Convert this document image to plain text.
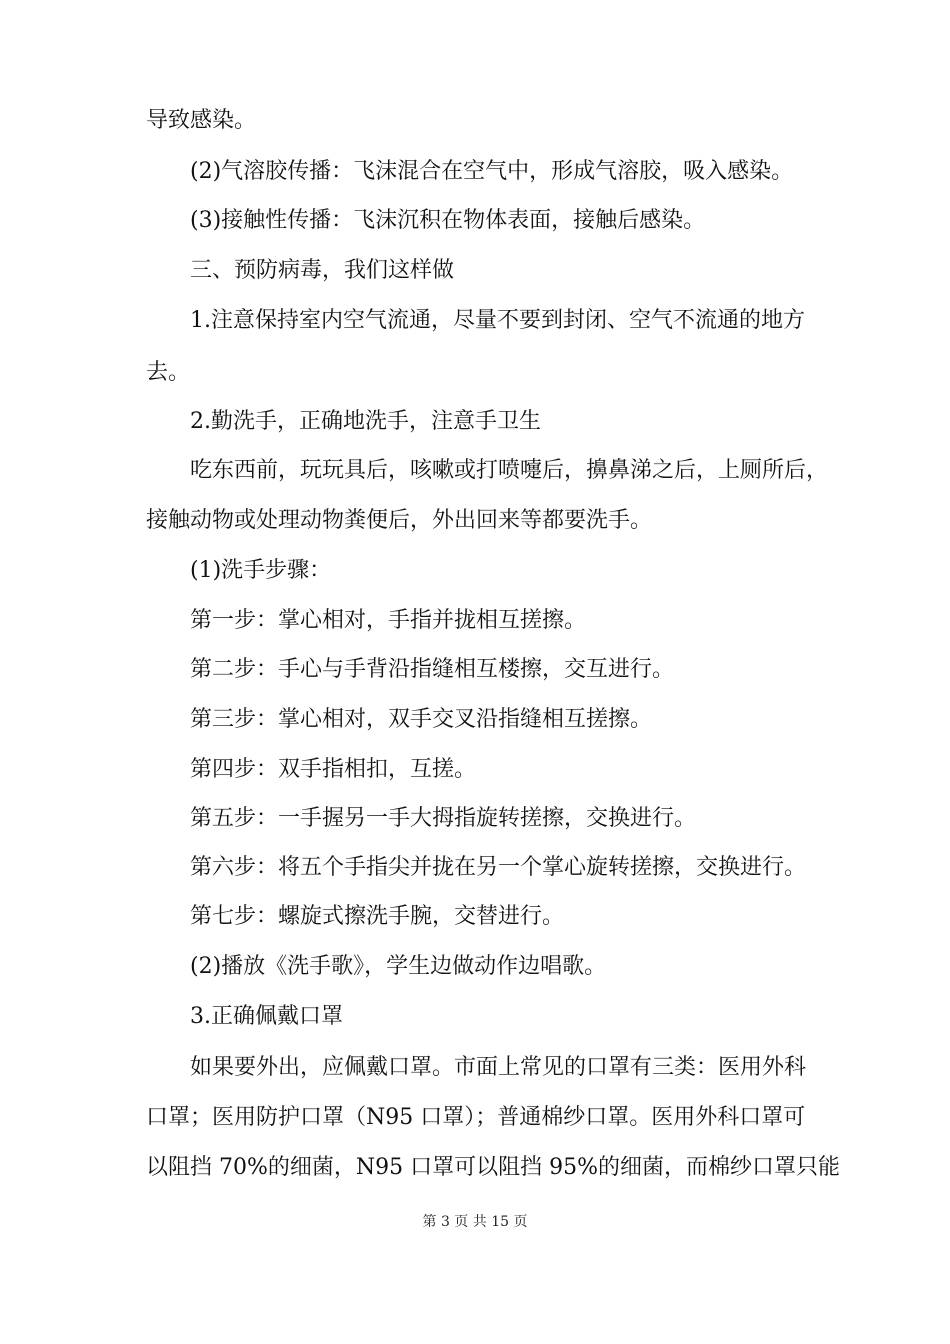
导致感染。

(2)气溶胶传播：飞沫混合在空气中，形成气溶胶，吸入感染。

(3)接触性传播：飞沫沉积在物体表面，接触后感染。

三、预防病毒，我们这样做

1.注意保持室内空气流通，尽量不要到封闭、空气不流通的地方

去。

2.勤洗手，正确地洗手，注意手卫生

吃东西前，玩玩具后，咳嗽或打喷嚏后，擤鼻涕之后，上厕所后，

接触动物或处理动物粪便后，外出回来等都要洗手。

(1)洗手步骤：

第一步：掌心相对，手指并拢相互搓擦。

第二步：手心与手背沿指缝相互楼擦，交互进行。

第三步：掌心相对，双手交叉沿指缝相互搓擦。

第四步：双手指相扣，互搓。

第五步：一手握另一手大拇指旋转搓擦，交换进行。

第六步：将五个手指尖并拢在另一个掌心旋转搓擦，交换进行。

第七步：螺旋式擦洗手腕，交替进行。

(2)播放《洗手歌》，学生边做动作边唱歌。

3.正确佩戴口罩

如果要外出，应佩戴口罩。市面上常见的口罩有三类：医用外科

口罩；医用防护口罩（N95 口罩）；普通棉纱口罩。医用外科口罩可

以阻挡 70%的细菌，N95 口罩可以阻挡 95%的细菌，而棉纱口罩只能

第 3 页 共 15 页
